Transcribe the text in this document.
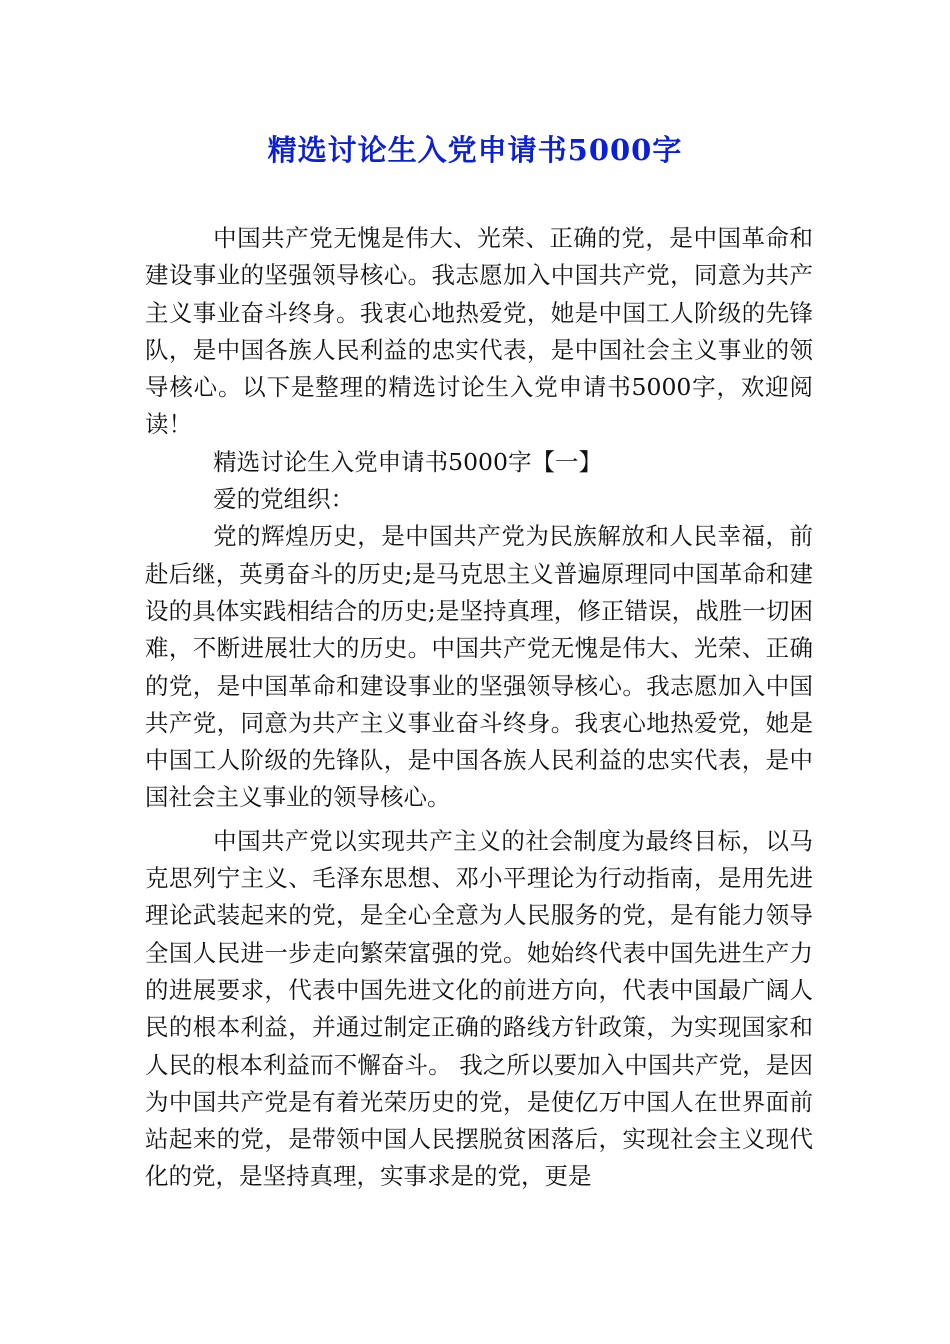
精选讨论生入党申请书5000字

中国共产党无愧是伟大、光荣、正确的党，是中国革命和建设事业的坚强领导核心。我志愿加入中国共产党，同意为共产主义事业奋斗终身。我衷心地热爱党，她是中国工人阶级的先锋队，是中国各族人民利益的忠实代表，是中国社会主义事业的领导核心。以下是整理的精选讨论生入党申请书5000字，欢迎阅读！

精选讨论生入党申请书5000字【一】

爱的党组织：

党的辉煌历史，是中国共产党为民族解放和人民幸福，前赴后继，英勇奋斗的历史;是马克思主义普遍原理同中国革命和建设的具体实践相结合的历史;是坚持真理，修正错误，战胜一切困难，不断进展壮大的历史。中国共产党无愧是伟大、光荣、正确的党，是中国革命和建设事业的坚强领导核心。我志愿加入中国共产党，同意为共产主义事业奋斗终身。我衷心地热爱党，她是中国工人阶级的先锋队，是中国各族人民利益的忠实代表，是中国社会主义事业的领导核心。

中国共产党以实现共产主义的社会制度为最终目标，以马克思列宁主义、毛泽东思想、邓小平理论为行动指南，是用先进理论武装起来的党，是全心全意为人民服务的党，是有能力领导全国人民进一步走向繁荣富强的党。她始终代表中国先进生产力的进展要求，代表中国先进文化的前进方向，代表中国最广阔人民的根本利益，并通过制定正确的路线方针政策，为实现国家和人民的根本利益而不懈奋斗。 我之所以要加入中国共产党，是因为中国共产党是有着光荣历史的党，是使亿万中国人在世界面前站起来的党，是带领中国人民摆脱贫困落后，实现社会主义现代化的党，是坚持真理，实事求是的党，更是
